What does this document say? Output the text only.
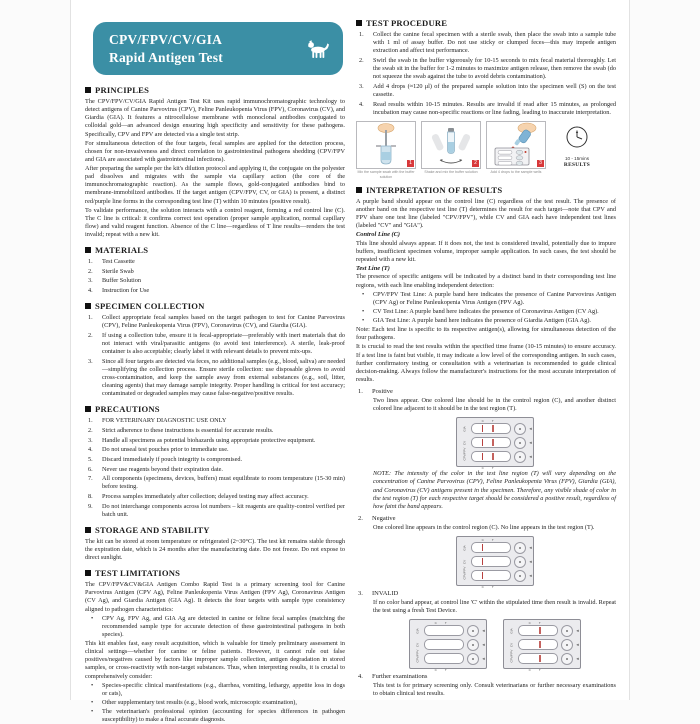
CPV/FPV/CV/GIA
Rapid Antigen Test
PRINCIPLES

The CPV/FPV/CV/GIA Rapid Antigen Test Kit uses rapid immunochromatographic technology to detect antigens of Canine Parvovirus (CPV), Feline Panleukopenia Virus (FPV), Coronavirus (CV), and Giardia (GIA). It features a nitrocellulose membrane with monoclonal antibodies conjugated to colloidal gold—an advanced design ensuring high specificity and sensitivity for these pathogens. Specifically, CPV and FPV are detected via a single test strip.

For simultaneous detection of the four targets, fecal samples are applied for the detection process, chosen for non-invasiveness and direct correlation to gastrointestinal pathogens shedding (CPV/FPV and GIA are associated with gastrointestinal infections).

After preparing the sample per the kit's dilution protocol and applying it, the conjugate on the polyester pad dissolves and migrates with the sample via capillary action (the core of the immunochromatographic reaction). As the sample flows, gold-conjugated antibodies bind to membrane-immobilized antibodies. If the target antigen (CPV/FPV, CV, or GIA) is present, a distinct red/purple line forms in the corresponding test line (T) within 10 minutes (positive result).

To validate performance, the solution interacts with a control reagent, forming a red control line (C). The C line is critical: it confirms correct test operation (proper sample application, normal capillary flow) and valid reagent function. Absence of the C line—regardless of T line results—renders the test invalid; repeat with a new kit.

MATERIALS
Test Cassette
Sterile Swab
Buffer Solution
Instruction for Use
SPECIMEN COLLECTION
Collect appropriate fecal samples based on the target pathogen to test for Canine Parvovirus (CPV), Feline Panleukopenia Virus (FPV), Coronavirus (CV), and Giardia (GIA).
If using a collection tube, ensure it is fecal-appropriate—preferably with inert materials that do not interact with viral/parasitic antigens (to avoid test interference). A sterile, leak-proof container is also acceptable; clearly label it with relevant details to prevent mix-ups.
Since all four targets are detected via feces, no additional samples (e.g., blood, saliva) are needed—simplifying the collection process. Ensure sterile collection: use disposable gloves to avoid cross-contamination, and keep the sample away from external substances (e.g., soil, litter, cleaning agents) that may damage sample integrity. Proper handling is critical for test accuracy; contaminated or degraded samples may cause false-negative/positive results.
PRECAUTIONS
FOR VETERINARY DIAGNOSTIC USE ONLY
Strict adherence to these instructions is essential for accurate results.
Handle all specimens as potential biohazards using appropriate protective equipment.
Do not unseal test pouches prior to immediate use.
Discard immediately if pouch integrity is compromised.
Never use reagents beyond their expiration date.
All components (specimens, devices, buffers) must equilibrate to room temperature (15-30 min) before testing.
Process samples immediately after collection; delayed testing may affect accuracy.
Do not interchange components across lot numbers – kit reagents are quality-control verified per batch unit.
STORAGE AND STABILITY

The kit can be stored at room temperature or refrigerated (2~30°C). The test kit remains stable through the expiration date, which is 24 months after the manufacturing date. Do not freeze. Do not expose to direct sunlight.

TEST LIMITATIONS

The CPV/FPV&CV&GIA Antigen Combo Rapid Test is a primary screening tool for Canine Parvovirus Antigen (CPV Ag), Feline Panleukopenia Virus Antigen (FPV Ag), Coronavirus Antigen (CV Ag), and Giardia Antigen (GIA Ag). It detects the four targets with sample type consistency aligned to pathogen characteristics:

• CPV Ag, FPV Ag, and GIA Ag are detected in canine or feline fecal samples (matching the recommended sample type for accurate detection of these gastrointestinal pathogens in both species).

This kit enables fast, easy result acquisition, which is valuable for timely preliminary assessment in clinical settings—whether for canine or feline patients. However, it cannot rule out false positives/negatives caused by factors like improper sample collection, antigen degradation in stored samples, or cross-reactivity with non-target substances. Thus, when interpreting results, it is crucial to comprehensively consider:

• Species-specific clinical manifestations (e.g., diarrhea, vomiting, lethargy, appetite loss in dogs or cats),
• Other supplementary test results (e.g., blood work, microscopic examination),
• The veterinarian's professional opinion (accounting for species differences in pathogen susceptibility) to make a final accurate diagnosis.
TEST PROCEDURE
Collect the canine fecal specimen with a sterile swab, then place the swab into a sample tube with 1 ml of assay buffer. Do not use sticky or clumped feces—this may impede antigen extraction and affect test performance.
Swirl the swab in the buffer vigorously for 10-15 seconds to mix fecal material thoroughly. Let the swab sit in the buffer for 1-2 minutes to maximize antigen release, then remove the swab (do not squeeze the swab against the tube to avoid debris contamination).
Add 4 drops (≈120 μl) of the prepared sample solution into the specimen well (S) on the test cassette.
Read results within 10-15 minutes. Results are invalid if read after 15 minutes, as prolonged incubation may cause non-specific reactions or line fading, leading to inaccurate interpretation.
1
Mix the sample swab with the buffer solution
2
Shake and mix the buffer solution
3
Add 4 drops to the sample wells
10 - 15mins
RESULTS
INTERPRETATION OF RESULTS

A purple band should appear on the control line (C) regardless of the test result. The presence of another band on the respective test line (T) determines the result for each target—note that CPV and FPV share one test line (labeled "CPV/FPV"), while CV and GIA each have independent test lines (labeled "CV" and "GIA").

Control Line (C)

This line should always appear. If it does not, the test is considered invalid, potentially due to impure buffers, insufficient specimen volume, improper sample application. In such cases, the test should be repeated with a new kit.

Test Line (T)

The presence of specific antigens will be indicated by a distinct band in their corresponding test line regions, with each line enabling independent detection:

• CPV/FPV Test Line: A purple band here indicates the presence of Canine Parvovirus Antigen (CPV Ag) or Feline Panleukopenia Virus Antigen (FPV Ag).
• CV Test Line: A purple band here indicates the presence of Coronavirus Antigen (CV Ag).
• GIA Test Line: A purple band here indicates the presence of Giardia Antigen (GIA Ag).

Note: Each test line is specific to its respective antigen(s), allowing for simultaneous detection of the four pathogens.

It is crucial to read the test results within the specified time frame (10-15 minutes) to ensure accuracy. If a test line is faint but visible, it may indicate a low level of the corresponding antigen. In such cases, further confirmatory testing or consultation with a veterinarian is recommended to guide clinical decision-making. Always follow the manufacturer's instructions for the most accurate interpretation of results.

1.	Positive

Two lines appear. One colored line should be in the control region (C), and another distinct colored line adjacent to it should be in the test region (T).

C	T
GIA	◄
CV	◄
CPV/FPV	◄
C	T

NOTE: The intensity of the color in the test line region (T) will vary depending on the concentration of Canine Parvovirus (CPV), Feline Panleukopenia Virus (FPV), Giardia (GIA), and Coronavirus (CV) antigens present in the specimen. Therefore, any visible shade of color in the test region (T) for each respective target should be considered a positive result, regardless of how faint the band appears.

2.	Negative

One colored line appears in the control region (C). No line appears in the test region (T).

C	T
GIA	◄
CV	◄
CPV/FPV	◄
C	T
3.	INVALID

If no color band appear, at control line 'C' within the stipulated time then result is invalid. Repeat the test using a fresh Test Device.

C	T
GIA	◄
CV	◄
CPV/FPV	◄
C	T
C	T
GIA	◄
CV	◄
CPV/FPV	◄
C	T
4.	Further examinations

This test is for primary screening only. Consult veterinarians or further necessary examinations to obtain clinical test results.
